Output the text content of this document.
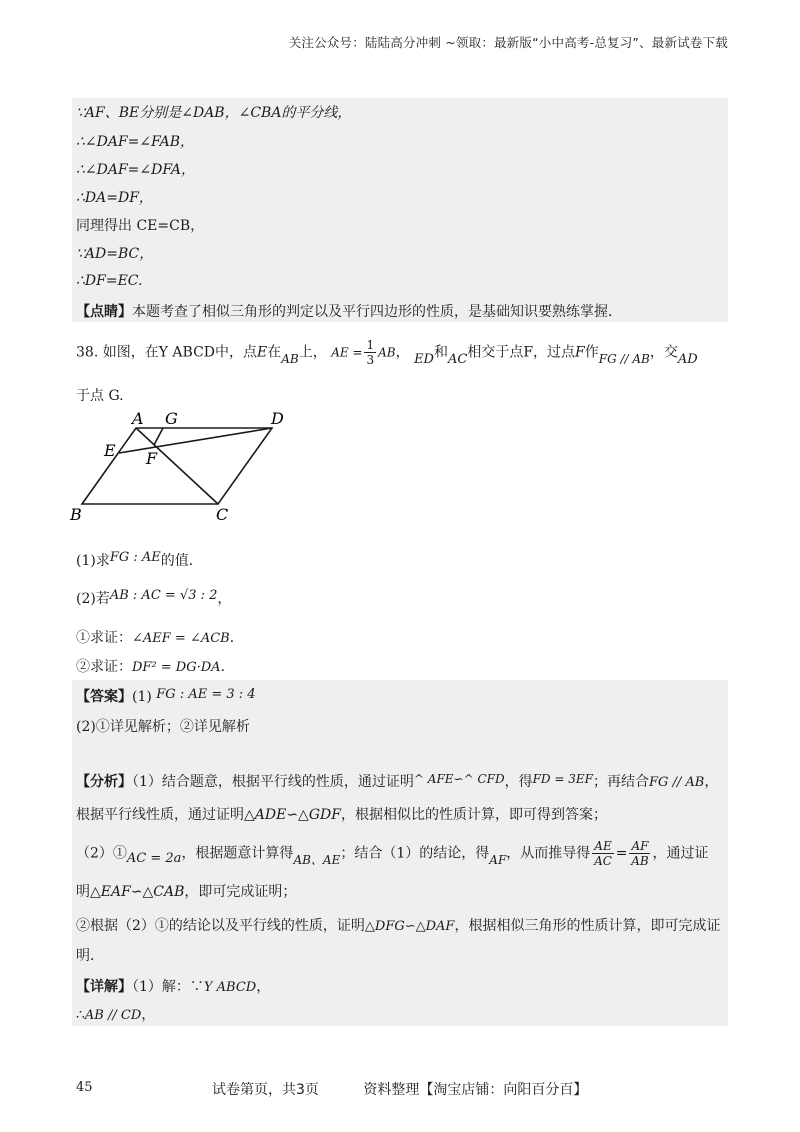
关注公众号：陆陆高分冲刺 ~领取：最新版“小中高考-总复习”、最新试卷下载
∵AF、BE分别是∠DAB，∠CBA的平分线，
∴∠DAF=∠FAB，
∴∠DAF=∠DFA，
∴DA=DF，
同理得出 CE=CB，
∵AD=BC，
∴DF=EC.
【点睛】本题考查了相似三角形的判定以及平行四边形的性质，是基础知识要熟练掌握．
38. 如图，在Y ABCD中，点E在AB上， AE = $\frac{1}{3}$ AB， ED和AC相交于点F，过点F作FG // AB，交AD
于点 G.
A G	D
E F
B	C
(1)求FG : AE的值．
(2)若AB : AC = √3 : 2，
①求证：∠AEF = ∠ACB．
②求证：DF² = DG·DA．
【答案】(1) FG : AE = 3 : 4
(2)①详见解析；②详见解析
【分析】（1）结合题意，根据平行线的性质，通过证明^ AFE∽^ CFD，得FD = 3EF；再结合FG // AB，
根据平行线性质，通过证明△ADE∽△GDF，根据相似比的性质计算，即可得到答案；
（2）①AC = 2a，根据题意计算得AB、AE；结合（1）的结论，得AF，从而推导得 $\frac{AE}{AC} = \frac{AF}{AB}$ ，通过证
明△EAF∽△CAB，即可完成证明；
②根据（2）①的结论以及平行线的性质，证明△DFG∽△DAF，根据相似三角形的性质计算，即可完成证
明．
【详解】（1）解：∵Y ABCD，
∴AB // CD，
45	试卷第页，共3页          资料整理【淘宝店铺：向阳百分百】
